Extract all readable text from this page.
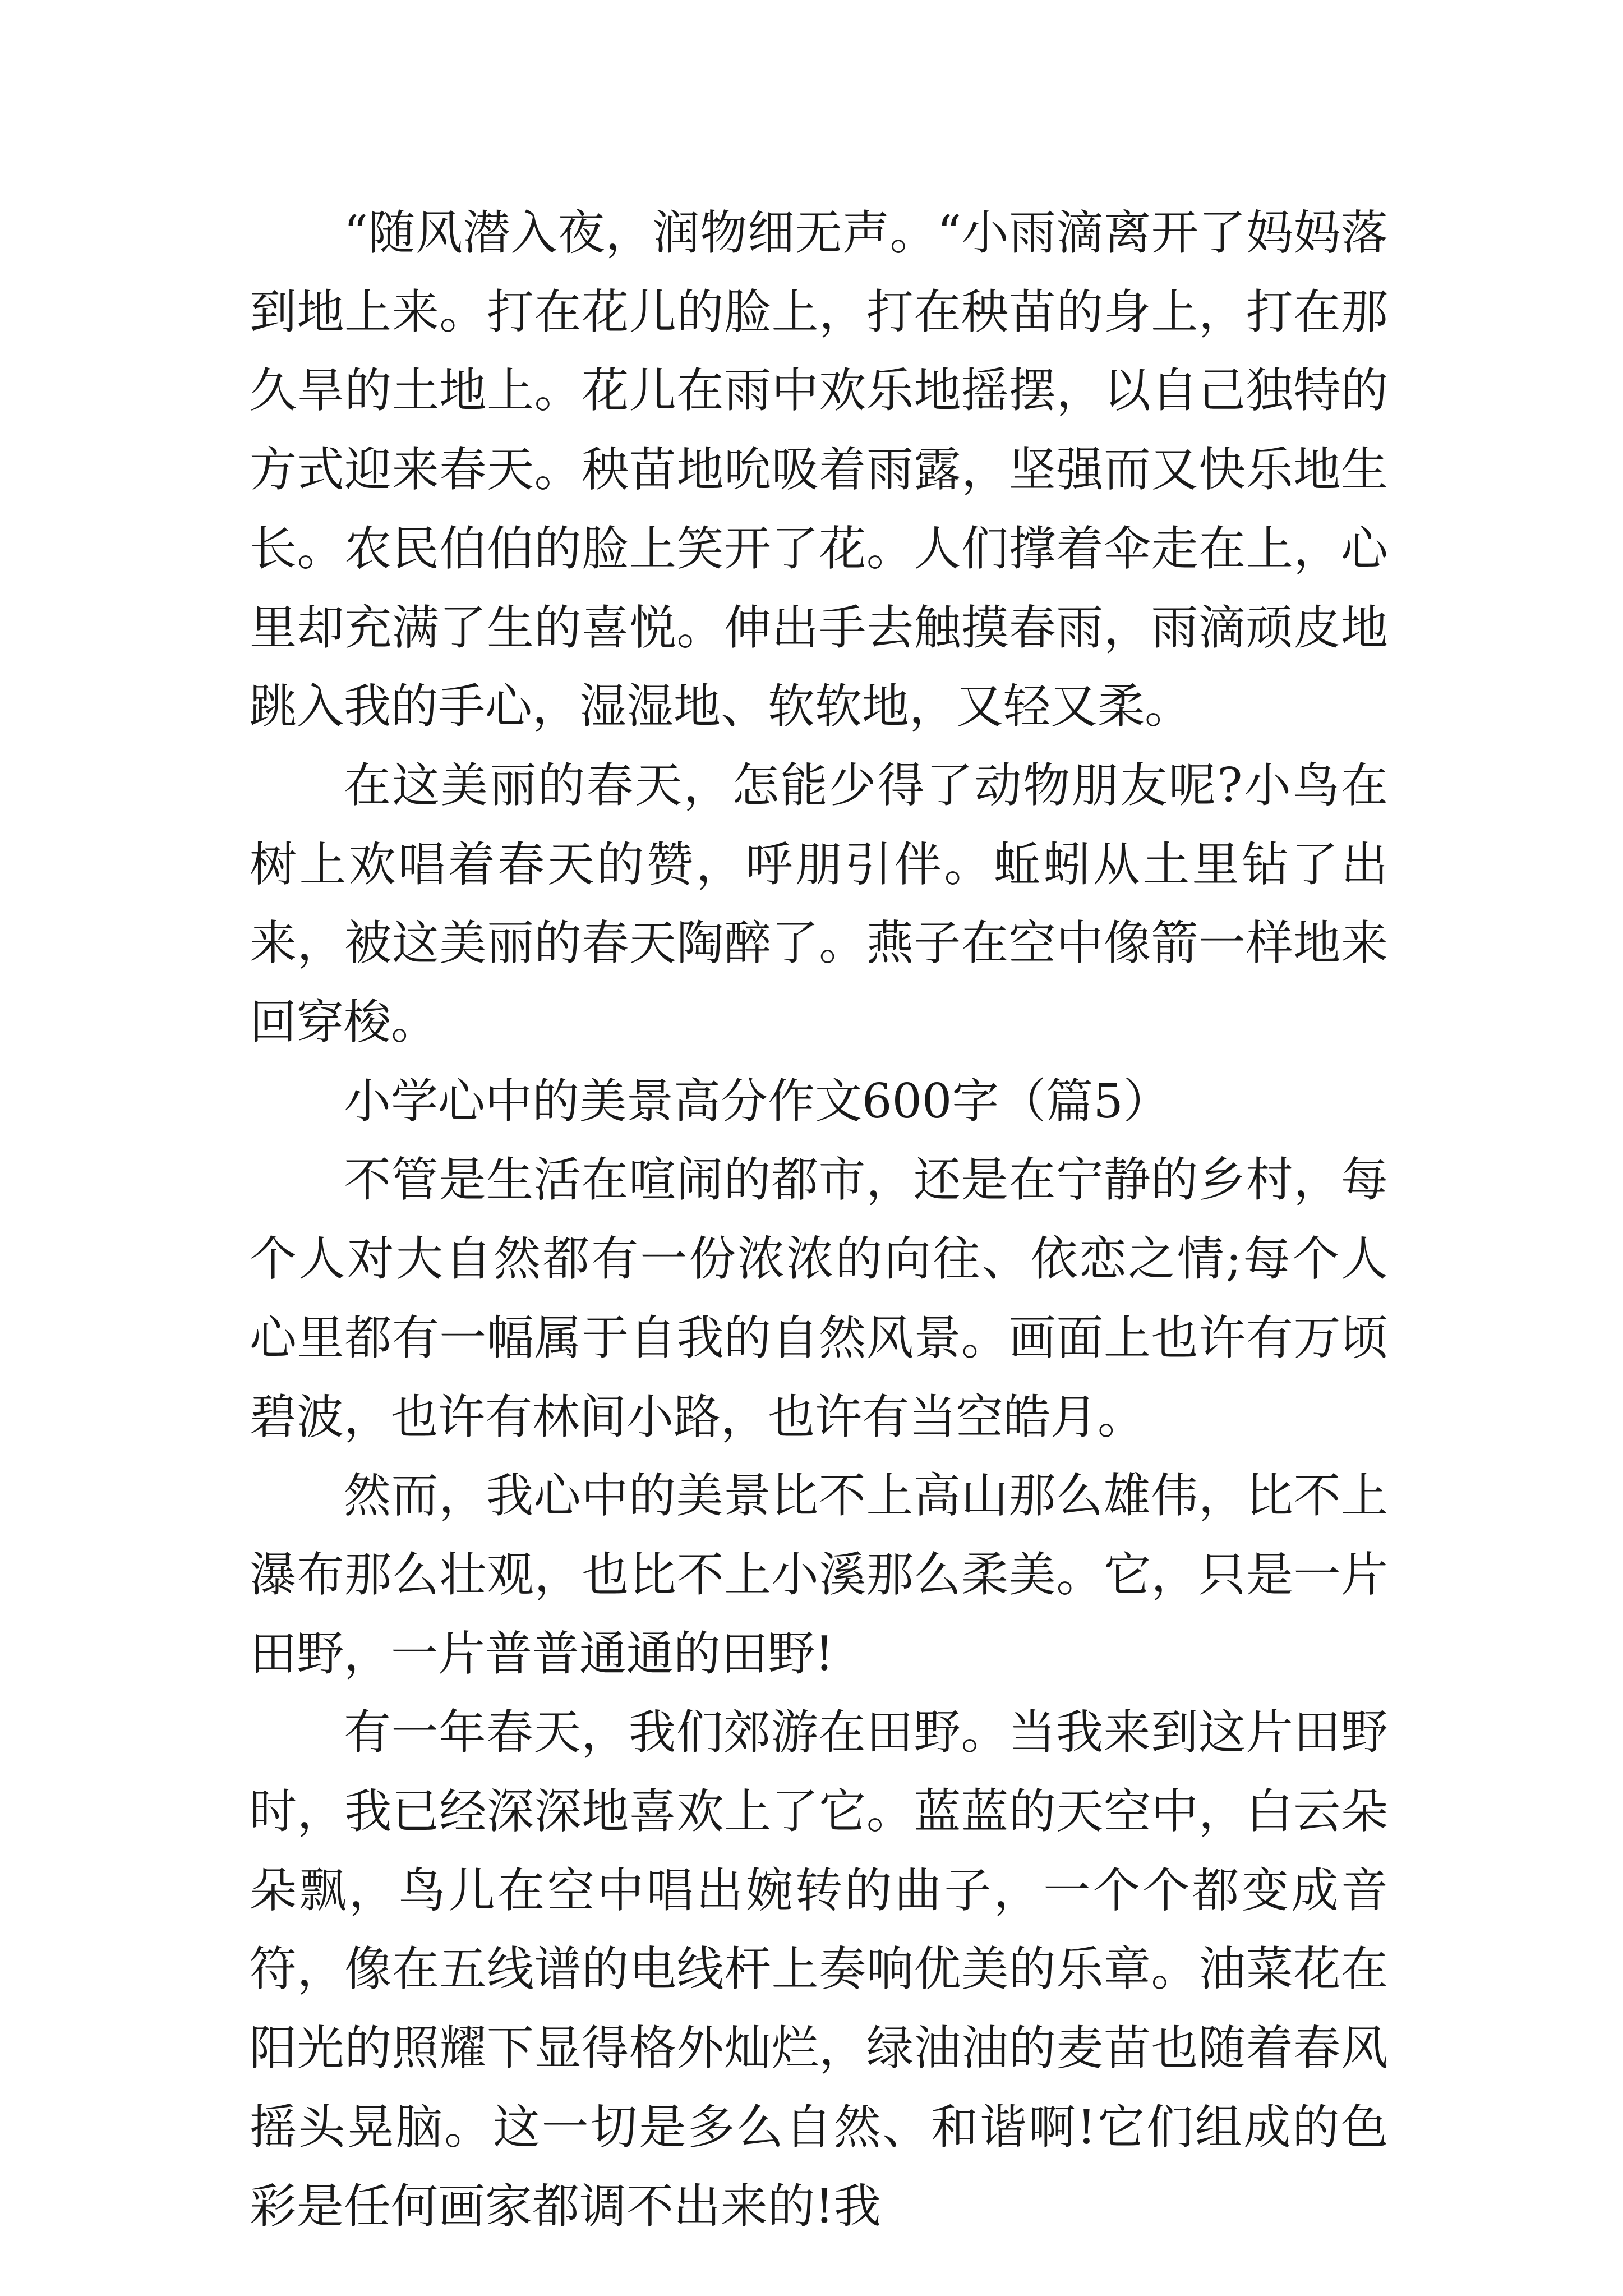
“随风潜入夜，润物细无声。“小雨滴离开了妈妈落到地上来。打在花儿的脸上，打在秧苗的身上，打在那久旱的土地上。花儿在雨中欢乐地摇摆，以自己独特的方式迎来春天。秧苗地吮吸着雨露，坚强而又快乐地生长。农民伯伯的脸上笑开了花。人们撑着伞走在上，心里却充满了生的喜悦。伸出手去触摸春雨，雨滴顽皮地跳入我的手心，湿湿地、软软地，又轻又柔。

在这美丽的春天，怎能少得了动物朋友呢?小鸟在树上欢唱着春天的赞，呼朋引伴。蚯蚓从土里钻了出来，被这美丽的春天陶醉了。燕子在空中像箭一样地来回穿梭。

小学心中的美景高分作文600字（篇5）

不管是生活在喧闹的都市，还是在宁静的乡村，每个人对大自然都有一份浓浓的向往、依恋之情;每个人心里都有一幅属于自我的自然风景。画面上也许有万顷碧波，也许有林间小路，也许有当空皓月。

然而，我心中的美景比不上高山那么雄伟，比不上瀑布那么壮观，也比不上小溪那么柔美。它，只是一片田野，一片普普通通的田野!

有一年春天，我们郊游在田野。当我来到这片田野时，我已经深深地喜欢上了它。蓝蓝的天空中，白云朵朵飘，鸟儿在空中唱出婉转的曲子，一个个都变成音符，像在五线谱的电线杆上奏响优美的乐章。油菜花在阳光的照耀下显得格外灿烂，绿油油的麦苗也随着春风摇头晃脑。这一切是多么自然、和谐啊!它们组成的色彩是任何画家都调不出来的!我
